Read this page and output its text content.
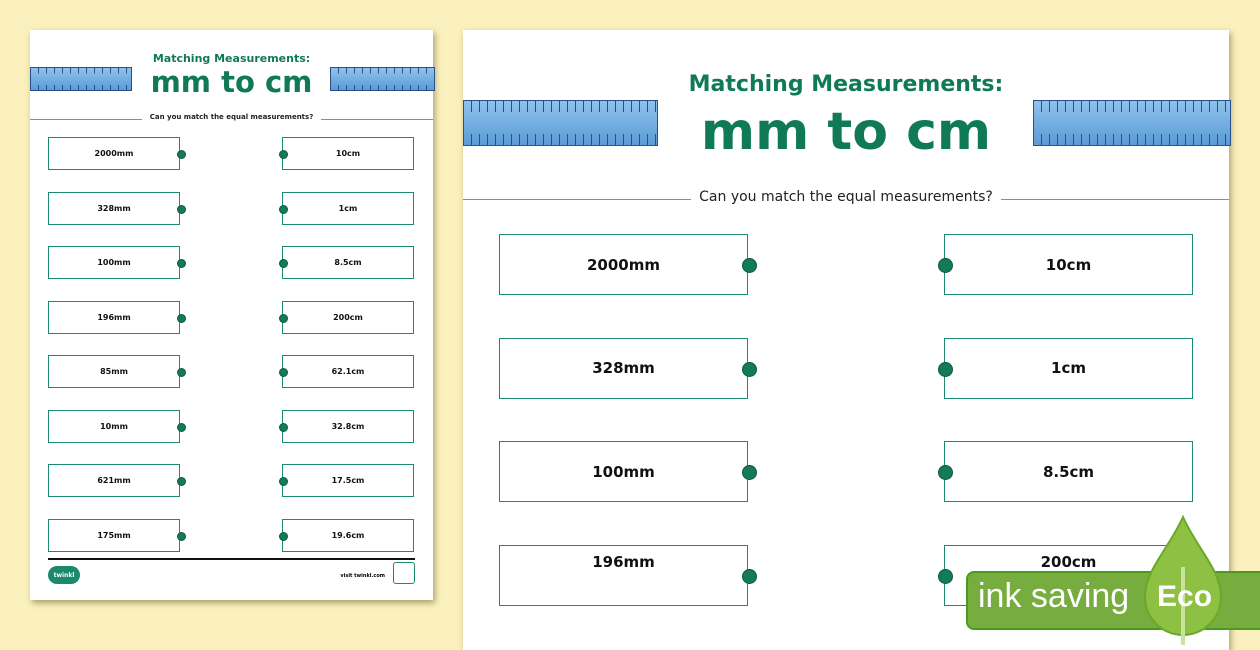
Matching Measurements:
mm to cm
Can you match the equal measurements?
2000mm	10cm
328mm	1cm
100mm	8.5cm
196mm	200cm
85mm	62.1cm
10mm	32.8cm
621mm	17.5cm
175mm	19.6cm
twinkl	visit twinkl.com
Matching Measurements:
mm to cm
Can you match the equal measurements?
2000mm	10cm
328mm	1cm
100mm	8.5cm
196mm	200cm
ink saving Eco
